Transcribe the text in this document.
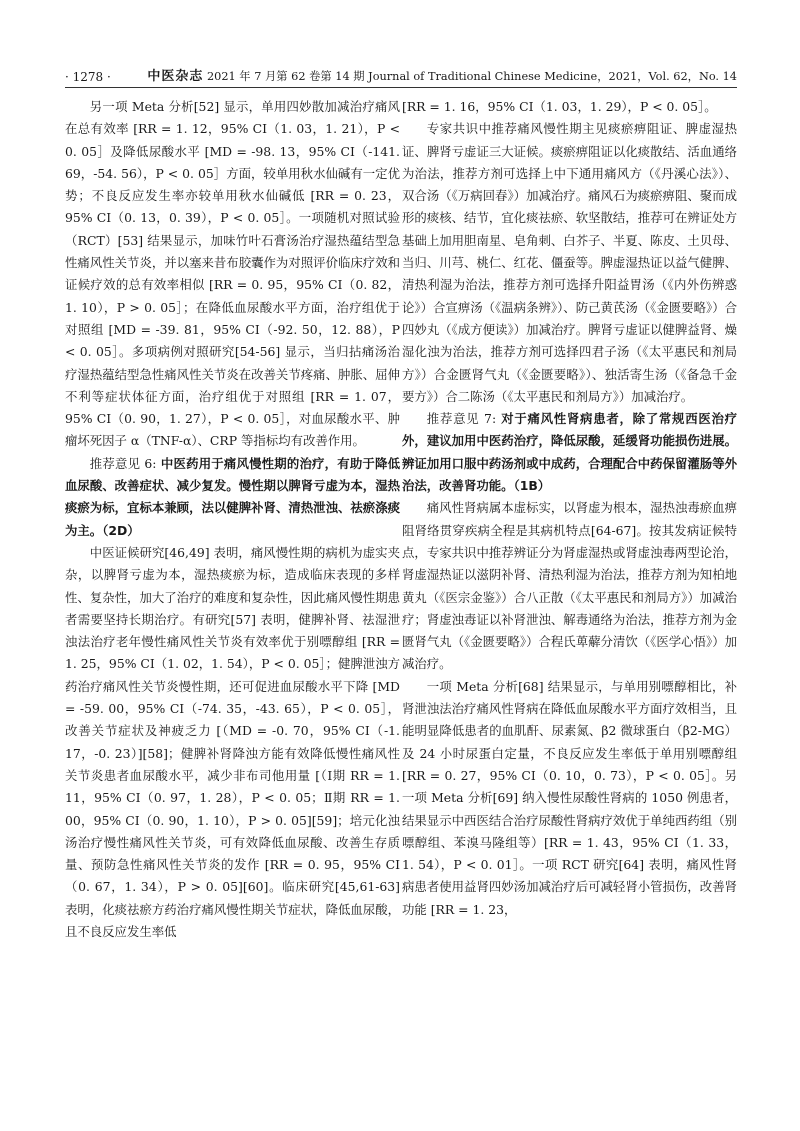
· 1278 ·	中医杂志 2021 年 7 月第 62 卷第 14 期 Journal of Traditional Chinese Medicine，2021，Vol. 62，No. 14

另一项 Meta 分析[52] 显示，单用四妙散加减治疗痛风在总有效率 [RR = 1. 12，95% CI（1. 03，1. 21），P < 0. 05］及降低尿酸水平 [MD = -98. 13，95% CI（-141. 69，-54. 56），P < 0. 05］方面，较单用秋水仙碱有一定优势；不良反应发生率亦较单用秋水仙碱低 [RR = 0. 23，95% CI（0. 13，0. 39），P < 0. 05］。一项随机对照试验（RCT）[53] 结果显示，加味竹叶石膏汤治疗湿热蕴结型急性痛风性关节炎，并以塞来昔布胶囊作为对照评价临床疗效和证候疗效的总有效率相似 [RR = 0. 95，95% CI（0. 82，1. 10），P > 0. 05］；在降低血尿酸水平方面，治疗组优于对照组 [MD = -39. 81，95% CI（-92. 50，12. 88），P < 0. 05］。多项病例对照研究[54-56] 显示，当归拈痛汤治疗湿热蕴结型急性痛风性关节炎在改善关节疼痛、肿胀、屈伸不利等症状体征方面，治疗组优于对照组 [RR = 1. 07，95% CI（0. 90，1. 27），P < 0. 05］，对血尿酸水平、肿瘤坏死因子 α（TNF-α）、CRP 等指标均有改善作用。

推荐意见 6: 中医药用于痛风慢性期的治疗，有助于降低血尿酸、改善症状、减少复发。慢性期以脾肾亏虚为本，湿热痰瘀为标，宜标本兼顾，法以健脾补肾、清热泄浊、祛瘀涤痰为主。（2D）

中医证候研究[46,49] 表明，痛风慢性期的病机为虚实夹杂，以脾肾亏虚为本，湿热痰瘀为标，造成临床表现的多样性、复杂性，加大了治疗的难度和复杂性，因此痛风慢性期患者需要坚持长期治疗。有研究[57] 表明，健脾补肾、祛湿泄浊法治疗老年慢性痛风性关节炎有效率优于别嘌醇组 [RR = 1. 25，95% CI（1. 02，1. 54），P < 0. 05］；健脾泄浊方药治疗痛风性关节炎慢性期，还可促进血尿酸水平下降 [MD = -59. 00，95% CI（-74. 35，-43. 65），P < 0. 05］，改善关节症状及神疲乏力 [（MD = -0. 70，95% CI（-1. 17，-0. 23）][58]；健脾补肾降浊方能有效降低慢性痛风性关节炎患者血尿酸水平，减少非布司他用量 [（Ⅰ期 RR = 1. 11，95% CI（0. 97，1. 28），P < 0. 05；Ⅱ期 RR = 1. 00，95% CI（0. 90，1. 10），P > 0. 05][59]；培元化浊汤治疗慢性痛风性关节炎，可有效降低血尿酸、改善生存质量、预防急性痛风性关节炎的发作 [RR = 0. 95，95% CI（0. 67，1. 34），P > 0. 05][60]。临床研究[45,61-63] 表明，化痰祛瘀方药治疗痛风慢性期关节症状，降低血尿酸，且不良反应发生率低

[RR = 1. 16，95% CI（1. 03，1. 29），P < 0. 05］。

专家共识中推荐痛风慢性期主见痰瘀痹阻证、脾虚湿热证、脾肾亏虚证三大证候。痰瘀痹阻证以化痰散结、活血通络为治法，推荐方剂可选择上中下通用痛风方（《丹溪心法》）、双合汤（《万病回春》）加减治疗。痛风石为痰瘀痹阻、聚而成形的痰核、结节，宜化痰祛瘀、软坚散结，推荐可在辨证处方基础上加用胆南星、皂角刺、白芥子、半夏、陈皮、土贝母、当归、川芎、桃仁、红花、僵蚕等。脾虚湿热证以益气健脾、清热利湿为治法，推荐方剂可选择升阳益胃汤（《内外伤辨惑论》）合宣痹汤（《温病条辨》）、防己黄芪汤（《金匮要略》）合四妙丸（《成方便读》）加减治疗。脾肾亏虚证以健脾益肾、燥湿化浊为治法，推荐方剂可选择四君子汤（《太平惠民和剂局方》）合金匮肾气丸（《金匮要略》）、独活寄生汤（《备急千金要方》）合二陈汤（《太平惠民和剂局方》）加减治疗。

推荐意见 7: 对于痛风性肾病患者，除了常规西医治疗外，建议加用中医药治疗，降低尿酸，延缓肾功能损伤进展。辨证加用口服中药汤剂或中成药，合理配合中药保留灌肠等外治法，改善肾功能。（1B）

痛风性肾病属本虚标实，以肾虚为根本，湿热浊毒瘀血痹阻肾络贯穿疾病全程是其病机特点[64-67]。按其发病证候特点，专家共识中推荐辨证分为肾虚湿热或肾虚浊毒两型论治，肾虚湿热证以滋阴补肾、清热利湿为治法，推荐方剂为知柏地黄丸（《医宗金鉴》）合八正散（《太平惠民和剂局方》）加减治疗；肾虚浊毒证以补肾泄浊、解毒通络为治法，推荐方剂为金匮肾气丸（《金匮要略》）合程氏萆薢分清饮（《医学心悟》）加减治疗。

一项 Meta 分析[68] 结果显示，与单用别嘌醇相比，补肾泄浊法治疗痛风性肾病在降低血尿酸水平方面疗效相当，且能明显降低患者的血肌酐、尿素氮、β2 微球蛋白（β2-MG）及 24 小时尿蛋白定量，不良反应发生率低于单用别嘌醇组 [RR = 0. 27，95% CI（0. 10，0. 73），P < 0. 05］。另一项 Meta 分析[69] 纳入慢性尿酸性肾病的 1050 例患者，结果显示中西医结合治疗尿酸性肾病疗效优于单纯西药组（别嘌醇组、苯溴马隆组等）[RR = 1. 43，95% CI（1. 33，1. 54），P < 0. 01］。一项 RCT 研究[64] 表明，痛风性肾病患者使用益肾四妙汤加减治疗后可减轻肾小管损伤，改善肾功能 [RR = 1. 23，
